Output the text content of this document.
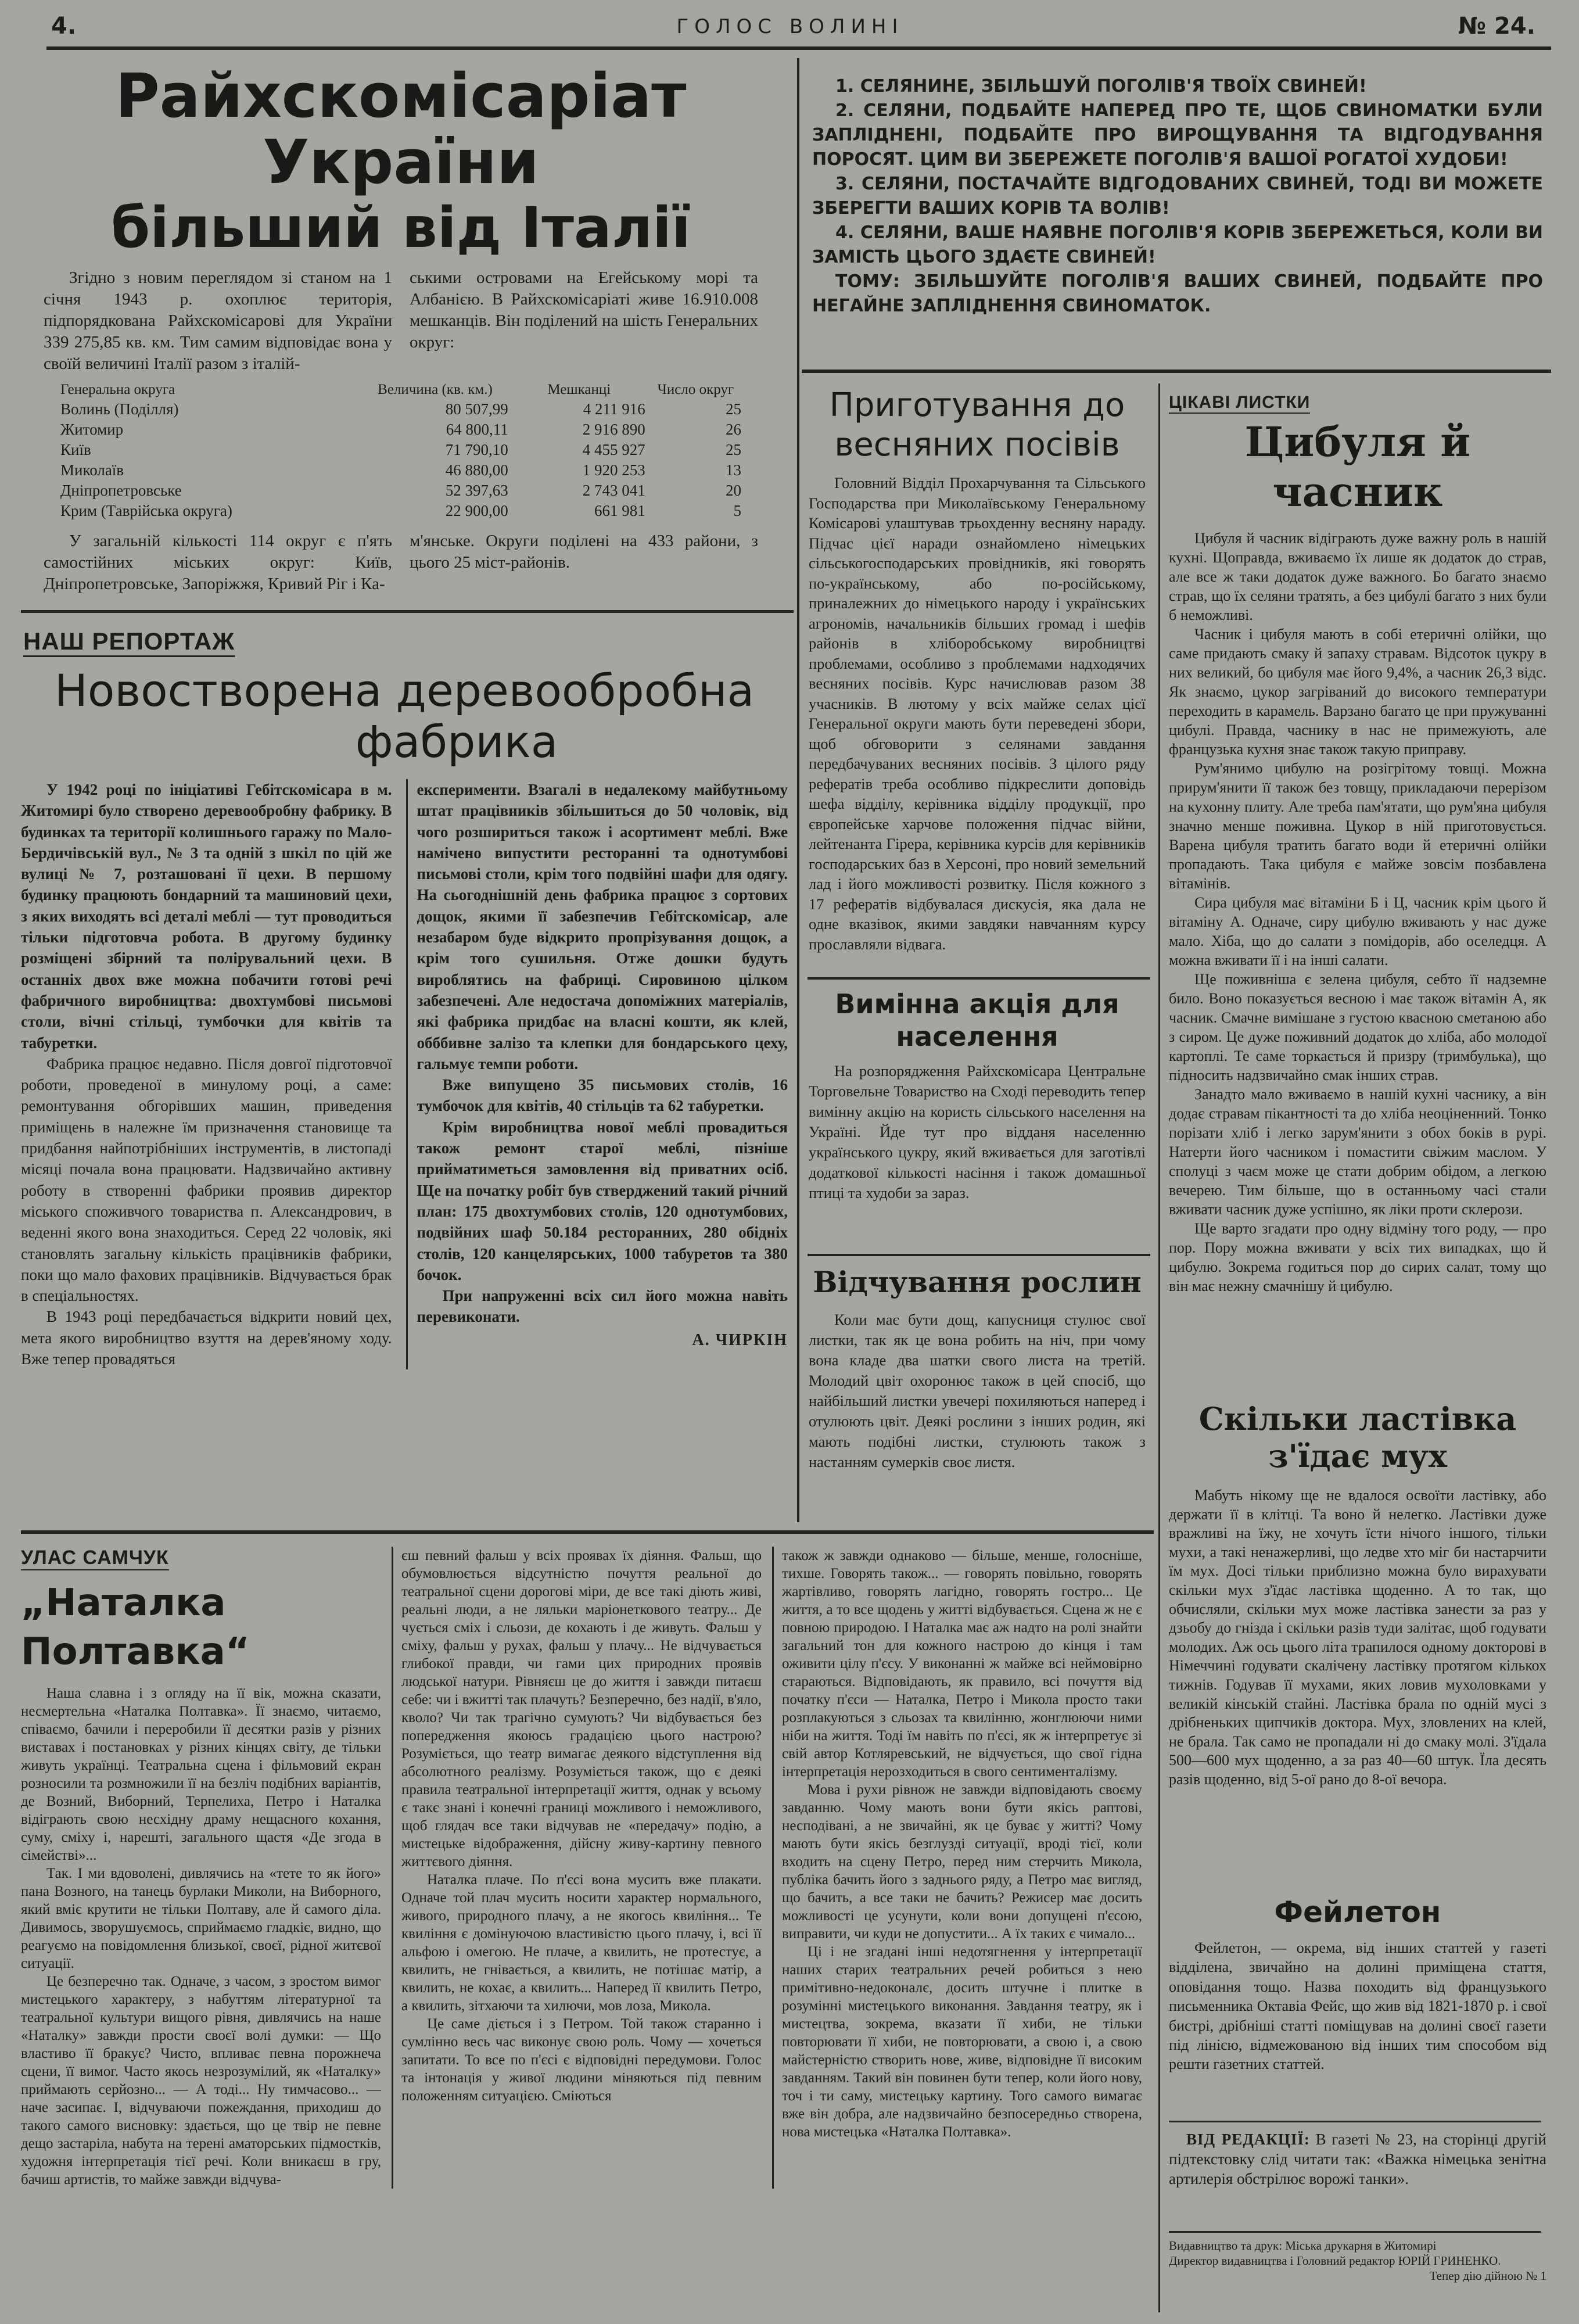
4.	ГОЛОС ВОЛИНІ	№ 24.
Райхскомісаріат України
більший від Італії

Згідно з новим переглядом зі станом на 1 січня 1943 р. охоплює територія, підпорядкована Райхскомісарові для України 339 275,85 кв. км. Тим самим відповідає вона у своїй величині Італії разом з італій-

ськими островами на Егейському морі та Албанією. В Райхскомісаріаті живе 16.910.008 мешканців. Він поділений на шість Генеральних округ:

Генеральна округа	Величина (кв. км.)	Мешканці	Число округ
Волинь (Поділля)	80 507,99	4 211 916	25
Житомир	64 800,11	2 916 890	26
Київ	71 790,10	4 455 927	25
Миколаїв	46 880,00	1 920 253	13
Дніпропетровське	52 397,63	2 743 041	20
Крим (Таврійська округа)	22 900,00	661 981	5

У загальній кількості 114 округ є п'ять самостійних міських округ: Київ, Дніпропетровське, Запоріжжя, Кривий Ріг і Ка-

м'янське. Округи поділені на 433 райони, з цього 25 міст-районів.

1. СЕЛЯНИНЕ, ЗБІЛЬШУЙ ПОГОЛІВ'Я ТВОЇХ СВИНЕЙ!

2. СЕЛЯНИ, ПОДБАЙТЕ НАПЕРЕД ПРО ТЕ, ЩОБ СВИНОМАТКИ БУЛИ ЗАПЛІДНЕНІ, ПОДБАЙТЕ ПРО ВИРОЩУВАННЯ ТА ВІДГОДУВАННЯ ПОРОСЯТ. ЦИМ ВИ ЗБЕРЕЖЕТЕ ПОГОЛІВ'Я ВАШОЇ РОГАТОЇ ХУДОБИ!

3. СЕЛЯНИ, ПОСТАЧАЙТЕ ВІДГОДОВАНИХ СВИНЕЙ, ТОДІ ВИ МОЖЕТЕ ЗБЕРЕГТИ ВАШИХ КОРІВ ТА ВОЛІВ!

4. СЕЛЯНИ, ВАШЕ НАЯВНЕ ПОГОЛІВ'Я КОРІВ ЗБЕРЕЖЕТЬСЯ, КОЛИ ВИ ЗАМІСТЬ ЦЬОГО ЗДАЄТЕ СВИНЕЙ!

ТОМУ: ЗБІЛЬШУЙТЕ ПОГОЛІВ'Я ВАШИХ СВИНЕЙ, ПОДБАЙТЕ ПРО НЕГАЙНЕ ЗАПЛІДНЕННЯ СВИНОМАТОК.

Приготування до
весняних посівів

Головний Відділ Прохарчування та Сільського Господарства при Миколаївському Генеральному Комісарові улаштував трьохденну весняну нараду. Підчас цієї наради ознайомлено німецьких сільськогосподарських провідників, які говорять по-українському, або по-російському, приналежних до німецького народу і українських агрономів, начальників більших громад і шефів районів в хліборобському виробництві проблемами, особливо з проблемами надходячих весняних посівів. Курс начислював разом 38 учасників. В лютому у всіх майже селах цієї Генеральної округи мають бути переведені збори, щоб обговорити з селянами завдання передбачуваних весняних посівів. З цілого ряду рефератів треба особливо підкреслити доповідь шефа відділу, керівника відділу продукції, про європейське харчове положення підчас війни, лейтенанта Гірера, керівника курсів для керівників господарських баз в Херсоні, про новий земельний лад і його можливості розвитку. Після кожного з 17 рефератів відбувалася дискусія, яка дала не одне вказівок, якими завдяки навчанням курсу прославляли відвага.

Вимінна акція для
населення

На розпорядження Райхскомісара Центральне Торговельне Товариство на Сході переводить тепер вимінну акцію на користь сільського населення на Україні. Йде тут про відданя населенню українського цукру, який вживається для заготівлі додаткової кількості насіння і також домашньої птиці та худоби за зараз.

Відчування рослин

Коли має бути дощ, капусниця стулює свої листки, так як це вона робить на ніч, при чому вона кладе два шатки свого листа на третій. Молодий цвіт охоронює також в цей спосіб, що найбільший листки увечері похиляються наперед і отулюють цвіт. Деякі рослини з інших родин, які мають подібні листки, стулюють також з настанням сумерків своє листя.

ЦІКАВІ ЛИСТКИ
Цибуля й часник

Цибуля й часник відіграють дуже важну роль в нашій кухні. Щоправда, вживаємо їх лише як додаток до страв, але все ж таки додаток дуже важного. Бо багато знаємо страв, що їх селяни тратять, а без цибулі багато з них були б неможливі.

Часник і цибуля мають в собі етеричні олійки, що саме придають смаку й запаху стравам. Відсоток цукру в них великий, бо цибуля має його 9,4%, а часник 26,3 відс. Як знаємо, цукор загріваний до високого температури переходить в карамель. Варзано багато це при пружуванні цибулі. Правда, часнику в нас не примежують, але французька кухня знає також такую приправу.

Рум'янимо цибулю на розігрітому товщі. Можна прирум'янити її також без товщу, прикладаючи перерізом на кухонну плиту. Але треба пам'ятати, що рум'яна цибуля значно менше поживна. Цукор в ній приготовується. Варена цибуля тратить багато води й етеричні олійки пропадають. Така цибуля є майже зовсім позбавлена вітамінів.

Сира цибуля має вітаміни Б і Ц, часник крім цього й вітаміну А. Одначе, сиру цибулю вживають у нас дуже мало. Хіба, що до салати з помідорів, або оселедця. А можна вживати її і на інші салати.

Ще поживніша є зелена цибуля, себто її надземне било. Воно показується весною і має також вітамін А, як часник. Смачне вимішане з густою квасною сметаною або з сиром. Це дуже поживний додаток до хліба, або молодої картоплі. Те саме торкається й призру (тримбулька), що підносить надзвичайно смак інших страв.

Занадто мало вживаємо в нашій кухні часнику, а він додає стравам пікантності та до хліба неоціненний. Тонко порізати хліб і легко зарум'янити з обох боків в рурі. Натерти його часником і помастити свіжим маслом. У сполуці з чаєм може це стати добрим обідом, а легкою вечерею. Тим більше, що в останньому часі стали вживати часник дуже успішно, як ліки проти склерози.

Ще варто згадати про одну відміну того роду, — про пор. Пору можна вживати у всіх тих випадках, що й цибулю. Зокрема годиться пор до сирих салат, тому що він має нежну смачнішу й цибулю.

НАШ РЕПОРТАЖ
Новостворена деревообробна
фабрика

У 1942 році по ініціативі Гебітскомісара в м. Житомирі було створено деревообробну фабрику. В будинках та території колишнього гаражу по Мало-Бердичівській вул., № 3 та одній з шкіл по цій же вулиці № 7, розташовані її цехи. В першому будинку працюють бондарний та машиновий цехи, з яких виходять всі деталі меблі — тут проводиться тільки підготовча робота. В другому будинку розміщені збірний та полірувальний цехи. В останніх двох вже можна побачити готові речі фабричного виробництва: двохтумбові письмові столи, вічні стільці, тумбочки для квітів та табуретки.

Фабрика працює недавно. Після довгої підготовчої роботи, проведеної в минулому році, а саме: ремонтування обгорівших машин, приведення приміщень в належне їм призначення становище та придбання найпотрібніших інструментів, в листопаді місяці почала вона працювати. Надзвичайно активну роботу в створенні фабрики проявив директор міського споживчого товариства п. Александрович, в веденні якого вона знаходиться. Серед 22 чоловік, які становлять загальну кількість працівників фабрики, поки що мало фахових працівників. Відчувається брак в спеціальностях.

В 1943 році передбачається відкрити новий цех, мета якого виробництво взуття на дерев'яному ходу. Вже тепер провадяться

експерименти. Взагалі в недалекому майбутньому штат працівників збільшиться до 50 чоловік, від чого розшириться також і асортимент меблі. Вже намічено випустити ресторанні та однотумбові письмові столи, крім того подвійні шафи для одягу. На сьогоднішній день фабрика працює з сортових дощок, якими її забезпечив Гебітскомісар, але незабаром буде відкрито пропрізування дощок, а крім того сушильня. Отже дошки будуть вироблятись на фабриці. Сировиною цілком забезпечені. Але недостача допоміжних матеріалів, які фабрика придбає на власні кошти, як клей, обббивне залізо та клепки для бондарського цеху, гальмує темпи роботи.

Вже випущено 35 письмових столів, 16 тумбочок для квітів, 40 стільців та 62 табуретки.

Крім виробництва нової меблі провадиться також ремонт старої меблі, пізніше прийматиметься замовлення від приватних осіб. Ще на початку робіт був стверджений такий річний план: 175 двохтумбових столів, 120 однотумбових, подвійних шаф 50.184 ресторанних, 280 обідніх столів, 120 канцелярських, 1000 табуретов та 380 бочок.

При напруженні всіх сил його можна навіть перевиконати.

А. ЧИРКІН
Скільки ластівка
з'їдає мух

Мабуть нікому ще не вдалося освоїти ластівку, або держати її в клітці. Та воно й нелегко. Ластівки дуже вражливі на їжу, не хочуть їсти нічого іншого, тільки мухи, а такі ненажерливі, що ледве хто міг би настарчити їм мух. Досі тільки приблизно можна було вирахувати скільки мух з'їдає ластівка щоденно. А то так, що обчисляли, скільки мух може ластівка занести за раз у дзьобу до гнізда і скільки разів туди залітає, щоб годувати молодих. Аж ось цього літа трапилося одному докторові в Німеччині годувати скалічену ластівку протягом кількох тижнів. Годував її мухами, яких ловив мухоловками у великій кінській стайні. Ластівка брала по одній мусі з дрібненьких щипчиків доктора. Мух, зловлених на клей, не брала. Так само не пропадали ні до смаку молі. З'їдала 500—600 мух щоденно, а за раз 40—60 штук. Їла десять разів щоденно, від 5-ої рано до 8-ої вечора.

Фейлетон

Фейлетон, — окрема, від інших статтей у газеті відділена, звичайно на долині приміщена стаття, оповідання тощо. Назва походить від французького письменника Октавіа Фейє, що жив від 1821-1870 р. і свої бистрі, дрібніші статті поміщував на долині своєї газети під лінією, відмежованою від інших тим способом від решти газетних статтей.

ВІД РЕДАКЦІЇ: В газеті № 23, на сторінці другій підтекстовку слід читати так: «Важка німецька зенітна артилерія обстрілює ворожі танки».
Видавництво та друк: Міська друкарня в Житомирі
Директор видавництва і Головний редактор ЮРІЙ ГРИНЕНКО.
Тепер дію дійною № 1
УЛАС САМЧУК
„Наталка Полтавка“

Наша славна і з огляду на її вік, можна сказати, несмертельна «Наталка Полтавка». Її знаємо, читаємо, співаємо, бачили і переробили її десятки разів у різних виставах і постановках у різних кінцях світу, де тільки живуть українці. Театральна сцена і фільмовий екран розносили та розмножили її на безліч подібних варіантів, де Возний, Виборний, Терпелиха, Петро і Наталка відіграють свою несхідну драму нещасного кохання, суму, сміху і, нарешті, загального щастя «Де згода в сімействі»...

Так. І ми вдоволені, дивлячись на «тете то як його» пана Возного, на танець бурлаки Миколи, на Виборного, який вміє крутити не тільки Полтаву, але й самого діла. Дивимось, зворушуємось, сприймаємо гладкіє, видно, що реагуємо на повідомлення близької, своєї, рідної житєвої ситуації.

Це безперечно так. Одначе, з часом, з зростом вимог мистецького характеру, з набуттям літературної та театральної культури вищого рівня, дивлячись на наше «Наталку» завжди прости своєї волі думки: — Що властиво її бракує? Чисто, впливає певна порожнеча сцени, її вимог. Часто якось незрозумілий, як «Наталку» приймають серйозно... — А тоді... Ну тимчасово... — наче засипає. І, відчуваючи пожеждання, приходиш до такого самого висновку: здається, що це твір не певне дещо застаріла, набута на терені аматорських підмостків, художня інтерпретація тієї речі. Коли вникаєш в гру, бачиш артистів, то майже завжди відчува-

єш певний фальш у всіх проявах їх діяння. Фальш, що обумовлюється відсутністю почуття реальної до театральної сцени дорогові міри, де все такі діють живі, реальні люди, а не ляльки маріонеткового театру... Де чується сміх і сльози, де кохають і де живуть. Фальш у сміху, фальш у рухах, фальш у плачу... Не відчувається глибокої правди, чи гами цих природних проявів людської натури. Рівняєш це до життя і завжди питаєш себе: чи і вжитті так плачуть? Безперечно, без надії, в'яло, кволо? Чи так трагічно сумують? Чи відбувається без попередження якоюсь градацією цього настрою? Розуміється, що театр вимагає деякого відступлення від абсолютного реалізму. Розуміється також, що є деякі правила театральної інтерпретації життя, однак у всьому є такє знані і конечні границі можливого і неможливого, щоб глядач все таки відчував не «передачу» подію, а мистецьке відображення, дійсну живу-картину певного життєвого діяння.

Наталка плаче. По п'єсі вона мусить вже плакати. Одначе той плач мусить носити характер нормального, живого, природного плачу, а не якогось квиління... Те квиління є домінуючою властивістю цього плачу, і, всі її альфою і омегою. Не плаче, а квилить, не протестує, а квилить, не гнівається, а квилить, не потішає матір, а квилить, не кохає, а квилить... Наперед її квилить Петро, а квилить, зітхаючи та хилючи, мов лоза, Микола.

Це саме діється і з Петром. Той також старанно і сумлінно весь час виконує свою роль. Чому — хочеться запитати. То все по п'єсі є відповідні передумови. Голос та інтонація у живої людини міняються під певним положенням ситуацією. Сміються

також ж завжди однаково — більше, менше, голосніше, тихше. Говорять також... — говорять повільно, говорять жартівливо, говорять лагідно, говорять гостро... Це життя, а то все щодень у житті відбувається. Сцена ж не є повною природою. І Наталка має аж надто на ролі знайти загальний тон для кожного настрою до кінця і там оживити цілу п'єсу. У виконанні ж майже всі неймовірно стараються. Відповідають, як правило, всі почуття від початку п'єси — Наталка, Петро і Микола просто таки розплакуються з сльозах та квилінню, жонглюючи ними ніби на життя. Тоді їм навіть по п'єсі, як ж інтерпретує зі свій автор Котляревський, не відчується, що свої гідна інтерпретація нерозходиться в свого сентименталізму.

Мова і рухи рівнож не завжди відповідають своєму завданню. Чому мають вони бути якісь раптові, несподівані, а не звичайні, як це буває у житті? Чому мають бути якісь безглузді ситуації, вроді тієї, коли входить на сцену Петро, перед ним стерчить Микола, публіка бачить його з заднього ряду, а Петро має вигляд, що бачить, а все таки не бачить? Режисер має досить можливості це усунути, коли вони допущені п'єсою, виправити, чи куди не допустити... А їх таких є чимало...

Ці і не згадані інші недотягнення у інтерпретації наших старих театральних речей робиться з нею примітивно-недоконалє, досить штучне і плитке в розумінні мистецького виконання. Завдання театру, як і мистецтва, зокрема, вказати її хиби, не тільки повторювати її хиби, не повторювати, а свою і, а свою майстерністю створить нове, живе, відповідне її високим завданням. Такий він повинен бути тепер, коли його нову, точ і ти саму, мистецьку картину. Того самого вимагає вже він добра, але надзвичайно безпосередньо створена, нова мистецька «Наталка Полтавка».
